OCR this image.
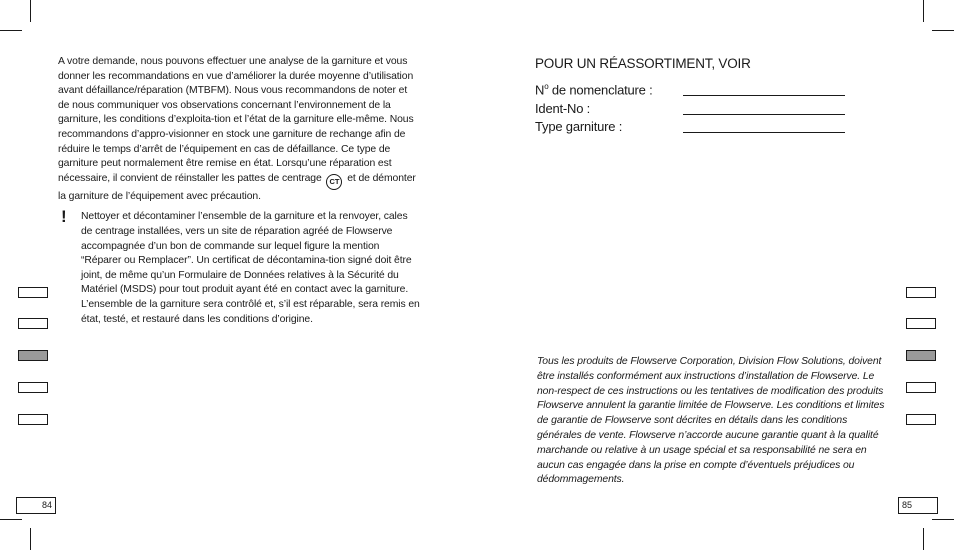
A votre demande, nous pouvons effectuer une analyse de la garniture et vous donner les recommandations en vue d’améliorer la durée moyenne d’utilisation avant défaillance/réparation (MTBFM). Nous vous recommandons de noter et de nous communiquer vos observations concernant l’environnement de la garniture, les conditions d’exploita-tion et l’état de la garniture elle-même. Nous recommandons d’appro-visionner en stock une garniture de rechange afin de réduire le temps d’arrêt de l’équipement en cas de défaillance. Ce type de garniture peut normalement être remise en état. Lorsqu’une réparation est nécessaire, il convient de réinstaller les pattes de centrage CT et de démonter la garniture de l’équipement avec précaution.

! Nettoyer et décontaminer l’ensemble de la garniture et la renvoyer, cales de centrage installées, vers un site de réparation agréé de Flowserve accompagnée d’un bon de commande sur lequel figure la mention “Réparer ou Remplacer”. Un certificat de décontamina-tion signé doit être joint, de même qu’un Formulaire de Données relatives à la Sécurité du Matériel (MSDS) pour tout produit ayant été en contact avec la garniture. L’ensemble de la garniture sera contrôlé et, s’il est réparable, sera remis en état, testé, et restauré dans les conditions d’origine.
84
POUR UN RÉASSORTIMENT, VOIR
$N^o$ de nomenclature :
Ident-No :
Type garniture :
Tous les produits de Flowserve Corporation, Division Flow Solutions, doivent être installés conformément aux instructions d’installation de Flowserve. Le non-respect de ces instructions ou les tentatives de modification des produits Flowserve annulent la garantie limitée de Flowserve. Les conditions et limites de garantie de Flowserve sont décrites en détails dans les conditions générales de vente. Flowserve n’accorde aucune garantie quant à la qualité marchande ou relative à un usage spécial et sa responsabilité ne sera en aucun cas engagée dans la prise en compte d’éventuels préjudices ou dédommagements.
85
